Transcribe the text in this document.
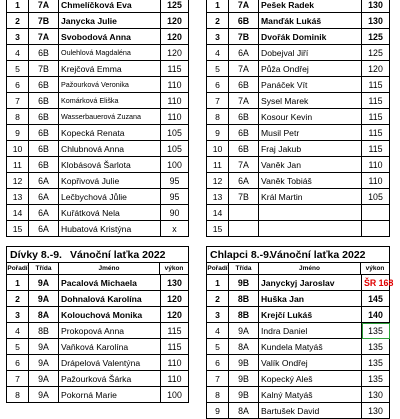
1	7A	Chmelíčková Eva	125
2	7B	Janycka Julie	120
3	7A	Svobodová Anna	120
4	6B	Oulehlová Magdaléna	120
5	7B	Krejčová Emma	115
6	6B	Pažourková Veronika	110
7	6B	Komárková Eliška	110
8	6B	Wasserbauerová Zuzana	110
9	6B	Kopecká Renata	105
10	6B	Chlubnová Anna	105
11	6B	Klobásová Šarlota	100
12	6A	Kopřivová Julie	95
13	6A	Lečbychová Jůlie	95
14	6A	Kuřátková Nela	90
15	6A	Hubatová Kristýna	x
1	7A	Pešek Radek	130
2	6B	Manďák Lukáš	130
3	7B	Dvořák Dominik	125
4	6A	Dobejval Jiří	125
5	7A	Půža Ondřej	120
6	6B	Panáček Vít	115
7	7A	Sysel Marek	115
8	6B	Kosour Kevin	115
9	6B	Musil Petr	115
10	6B	Fraj Jakub	115
11	7A	Vaněk Jan	110
12	6A	Vaněk Tobiáš	110
13	7B	Král Martin	105
14			
15			
Dívky 8.-9. Vánoční laťka 2022
Pořadí	Třída	Jméno	výkon
1	9A	Pacalová Michaela	130
2	9A	Dohnalová Karolína	120
3	8A	Kolouchová Monika	120
4	8B	Prokopová Anna	115
5	9A	Vaňková Karolína	115
6	9A	Drápelová Valentýna	110
7	9A	Pažourková Šárka	110
8	9A	Pokorná Marie	100
Chlapci 8.-9.
Vánoční laťka 2022
Pořadí	Třída	Jméno	výkon
1	9B	Janyckyj Jaroslav	ŠR 168
2	8B	Huška Jan	145
3	8B	Krejčí Lukáš	140
4	9A	Indra Daniel	135
5	8A	Kundela Matyáš	135
6	9B	Valík Ondřej	135
7	9B	Kopecký Aleš	135
8	9B	Kalný Matyáš	130
9	8A	Bartušek David	130
